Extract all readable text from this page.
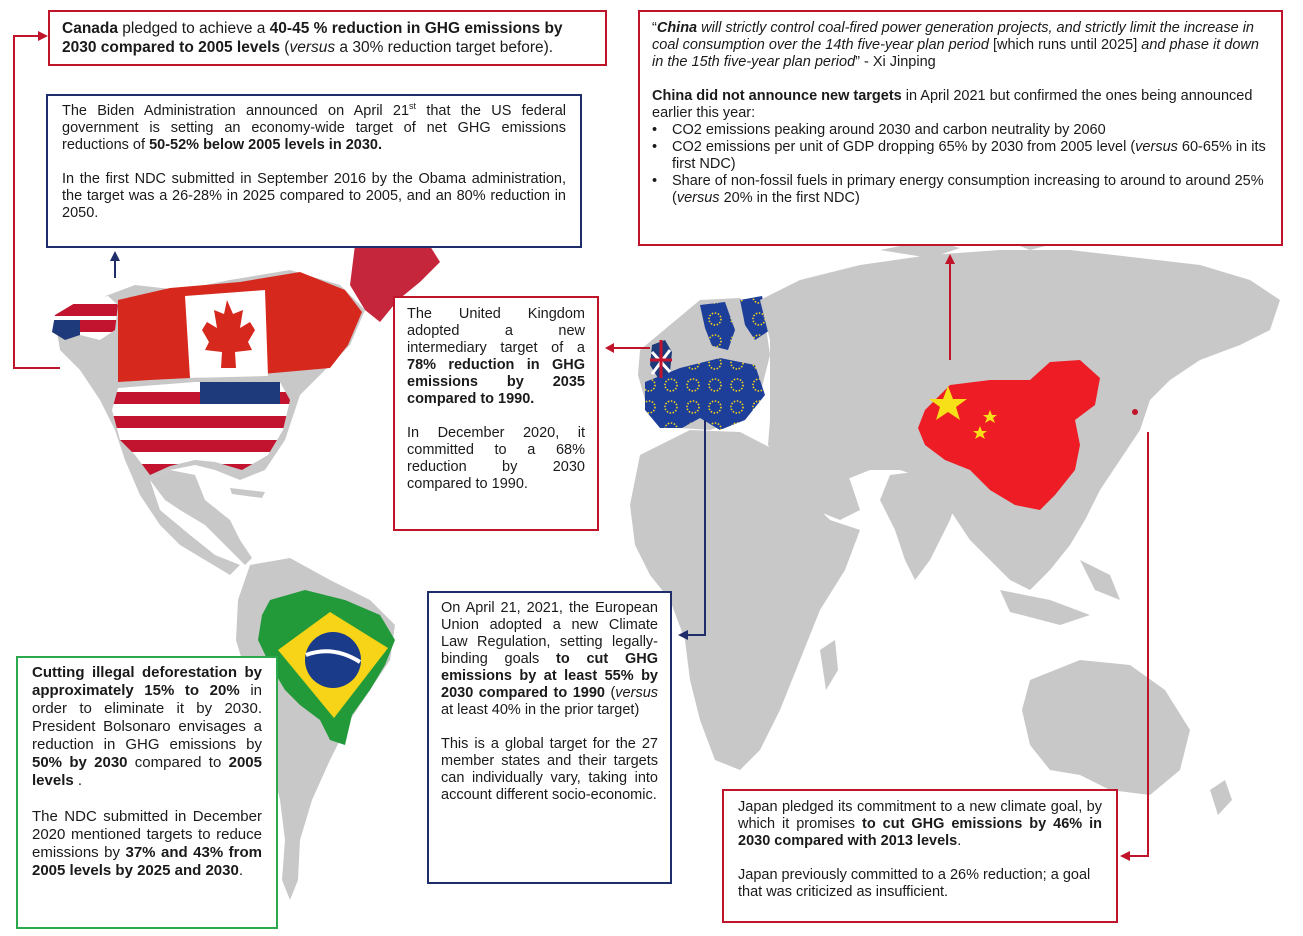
Canada pledged to achieve a 40-45 % reduction in GHG emissions by 2030 compared to 2005 levels (versus a 30% reduction target before).

The Biden Administration announced on April 21st that the US federal government is setting an economy-wide target of net GHG emissions reductions of 50-52% below 2005 levels in 2030.

In the first NDC submitted in September 2016 by the Obama administration, the target was a 26-28% in 2025 compared to 2005, and an 80% reduction in 2050.

“China will strictly control coal-fired power generation projects, and strictly limit the increase in coal consumption over the 14th five-year plan period [which runs until 2025] and phase it down in the 15th five-year plan period” - Xi Jinping

China did not announce new targets in April 2021 but confirmed the ones being announced earlier this year:

• CO2 emissions peaking around 2030 and carbon neutrality by 2060
• CO2 emissions per unit of GDP dropping 65% by 2030 from 2005 level (versus 60-65% in its first NDC)
• Share of non-fossil fuels in primary energy consumption increasing to around to around 25% (versus 20% in the first NDC)

The United Kingdom adopted a new intermediary target of a 78% reduction in GHG emissions by 2035 compared to 1990.

In December 2020, it committed to a 68% reduction by 2030 compared to 1990.

On April 21, 2021, the European Union adopted a new Climate Law Regulation, setting legally-binding goals to cut GHG emissions by at least 55% by 2030 compared to 1990 (versus at least 40% in the prior target)

This is a global target for the 27 member states and their targets can individually vary, taking into account different socio-economic.

Cutting illegal deforestation by approximately 15% to 20% in order to eliminate it by 2030. President Bolsonaro envisages a reduction in GHG emissions by 50% by 2030 compared to 2005 levels .

The NDC submitted in December 2020 mentioned targets to reduce emissions by 37% and 43% from 2005 levels by 2025 and 2030.

Japan pledged its commitment to a new climate goal, by which it promises to cut GHG emissions by 46% in 2030 compared with 2013 levels.

Japan previously committed to a 26% reduction; a goal that was criticized as insufficient.
